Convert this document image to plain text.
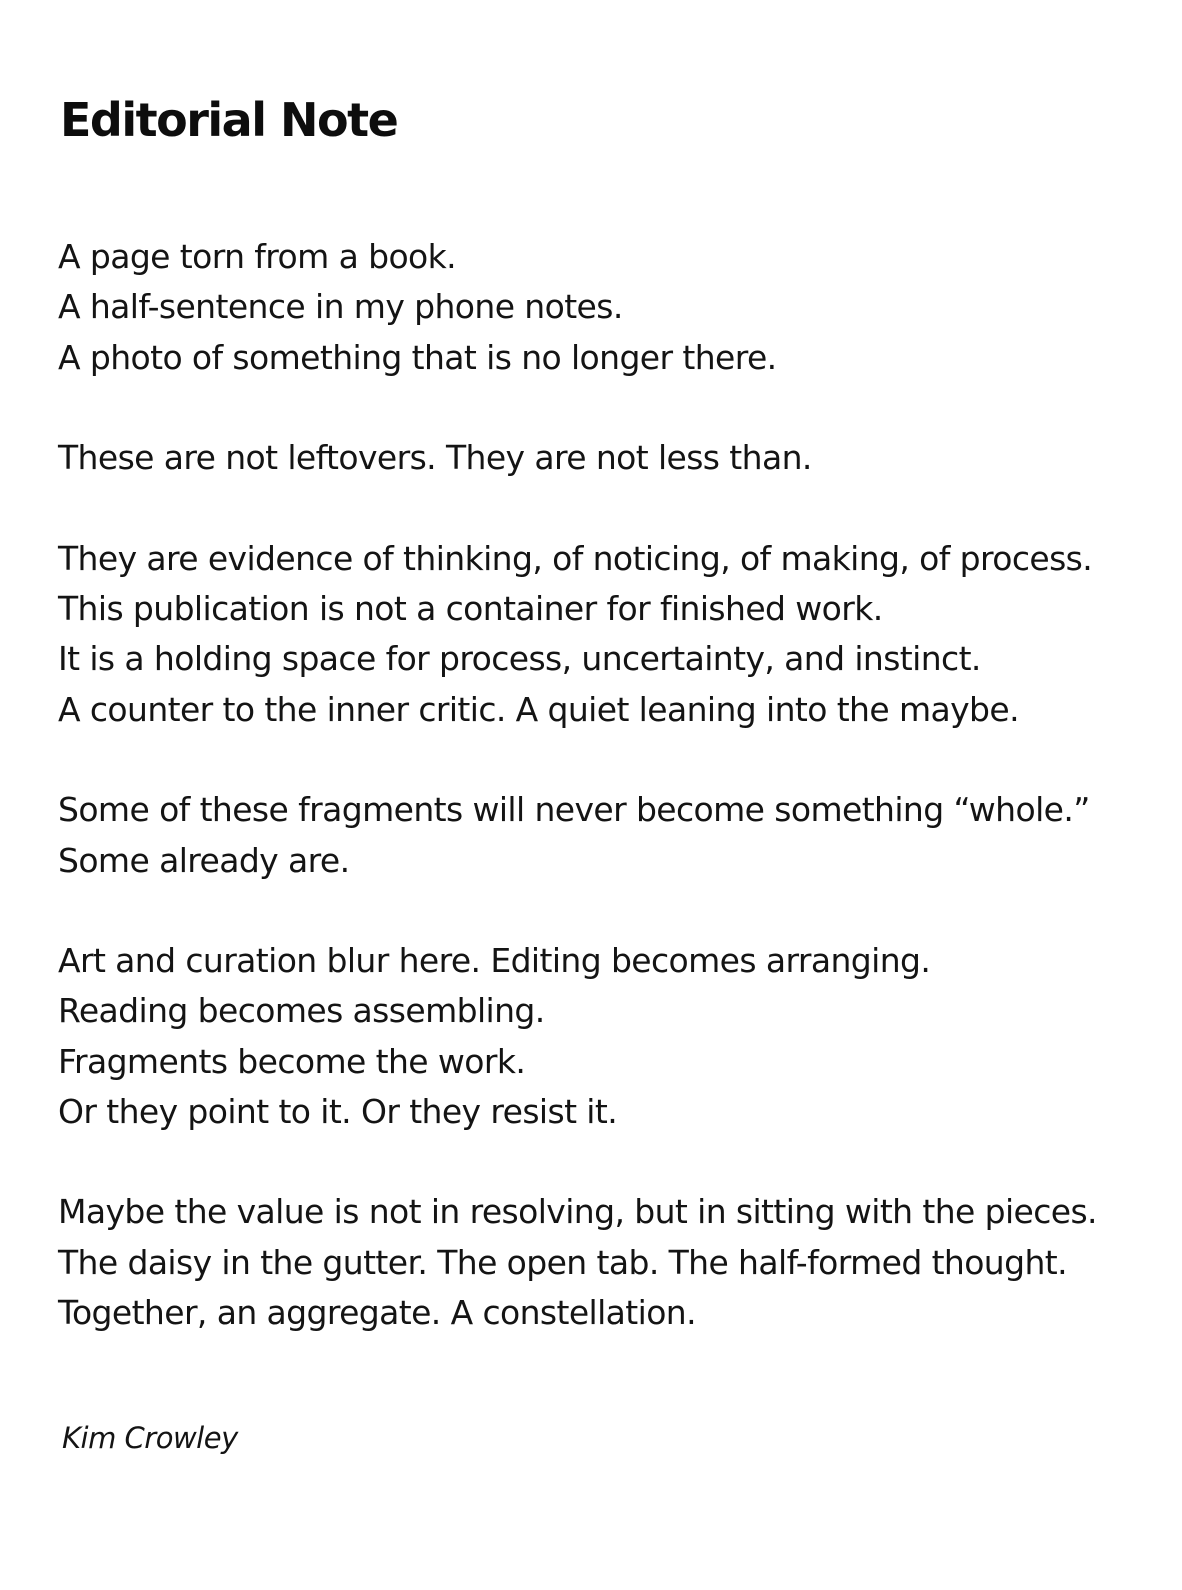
Editorial Note
A page torn from a book.
A half-sentence in my phone notes.
A photo of something that is no longer there.
These are not leftovers. They are not less than.
They are evidence of thinking, of noticing, of making, of process.
This publication is not a container for finished work.
It is a holding space for process, uncertainty, and instinct.
A counter to the inner critic. A quiet leaning into the maybe.
Some of these fragments will never become something “whole.”
Some already are.
Art and curation blur here. Editing becomes arranging.
Reading becomes assembling.
Fragments become the work.
Or they point to it. Or they resist it.
Maybe the value is not in resolving, but in sitting with the pieces.
The daisy in the gutter. The open tab. The half-formed thought.
Together, an aggregate. A constellation.

Kim Crowley
